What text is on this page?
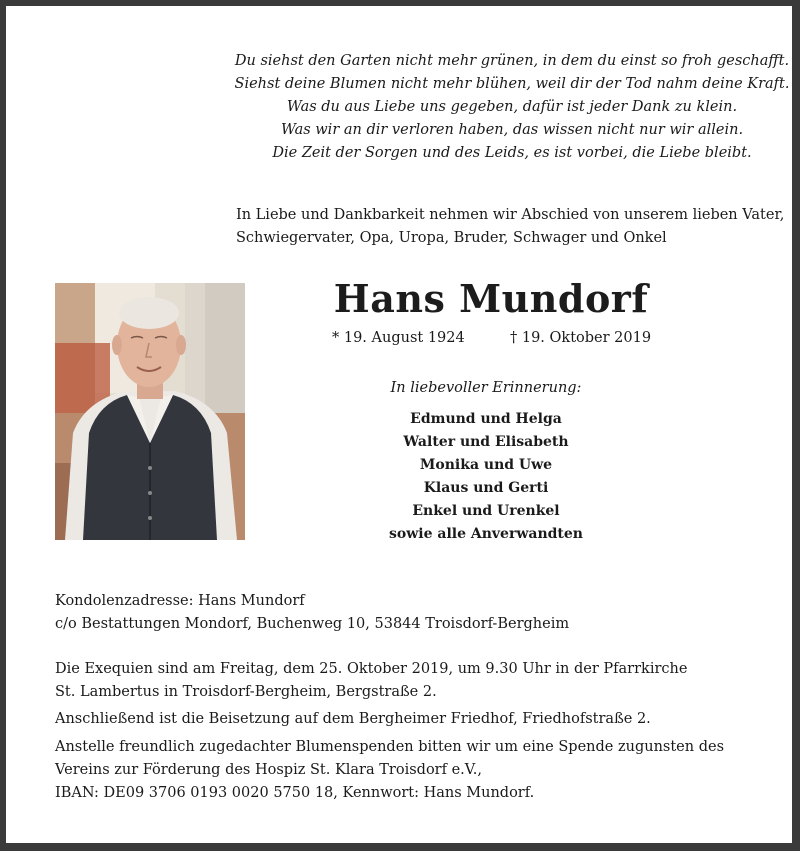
Du siehst den Garten nicht mehr grünen, in dem du einst so froh geschafft.
Siehst deine Blumen nicht mehr blühen, weil dir der Tod nahm deine Kraft.
Was du aus Liebe uns gegeben, dafür ist jeder Dank zu klein.
Was wir an dir verloren haben, das wissen nicht nur wir allein.
Die Zeit der Sorgen und des Leids, es ist vorbei, die Liebe bleibt.
In Liebe und Dankbarkeit nehmen wir Abschied von unserem lieben Vater,
Schwiegervater, Opa, Uropa, Bruder, Schwager und Onkel
Hans Mundorf
* 19. August 1924	† 19. Oktober 2019
In liebevoller Erinnerung:
Edmund und Helga
Walter und Elisabeth
Monika und Uwe
Klaus und Gerti
Enkel und Urenkel
sowie alle Anverwandten
Kondolenzadresse: Hans Mundorf
c/o Bestattungen Mondorf, Buchenweg 10, 53844 Troisdorf-Bergheim
Die Exequien sind am Freitag, dem 25. Oktober 2019, um 9.30 Uhr in der Pfarrkirche
St. Lambertus in Troisdorf-Bergheim, Bergstraße 2.
Anschließend ist die Beisetzung auf dem Bergheimer Friedhof, Friedhofstraße 2.
Anstelle freundlich zugedachter Blumenspenden bitten wir um eine Spende zugunsten des
Vereins zur Förderung des Hospiz St. Klara Troisdorf e.V.,
IBAN: DE09 3706 0193 0020 5750 18, Kennwort: Hans Mundorf.
